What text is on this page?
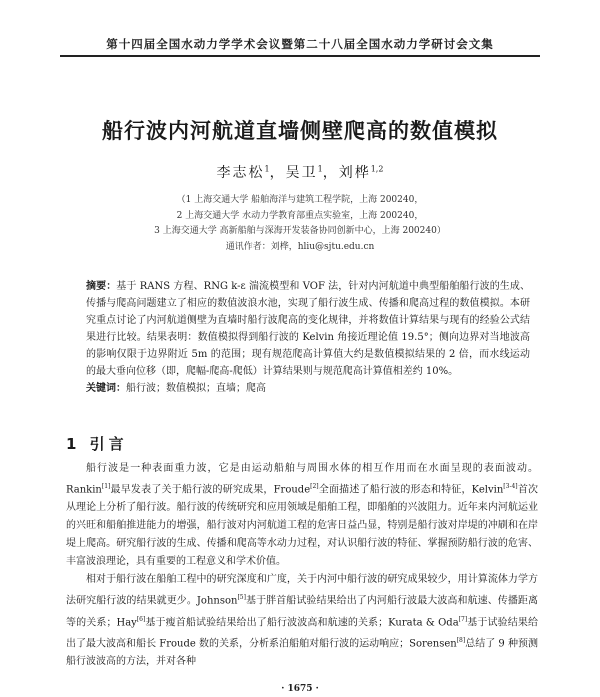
第十四届全国水动力学学术会议暨第二十八届全国水动力学研讨会文集
船行波内河航道直墙侧壁爬高的数值模拟
李志松$^1$，吴卫$^1$，刘桦$^{1,2}$
（1 上海交通大学 船舶海洋与建筑工程学院，上海 200240，
2 上海交通大学 水动力学教育部重点实验室，上海 200240，
3 上海交通大学 高新船舶与深海开发装备协同创新中心，上海 200240）
通讯作者：刘桦，hliu@sjtu.edu.cn

摘要：基于 RANS 方程、RNG k-ε 湍流模型和 VOF 法，针对内河航道中典型船舶船行波的生成、传播与爬高问题建立了相应的数值波浪水池，实现了船行波生成、传播和爬高过程的数值模拟。本研究重点讨论了内河航道侧壁为直墙时船行波爬高的变化规律，并将数值计算结果与现有的经验公式结果进行比较。结果表明：数值模拟得到船行波的 Kelvin 角接近理论值 19.5°；侧向边界对当地波高的影响仅限于边界附近 5m 的范围；现有规范爬高计算值大约是数值模拟结果的 2 倍，而水线运动的最大垂向位移（即，爬幅-爬高-爬低）计算结果则与规范爬高计算值相差约 10%。

关键词：船行波；数值模拟；直墙；爬高

1 引言

船行波是一种表面重力波，它是由运动船舶与周围水体的相互作用而在水面呈现的表面波动。Rankin[1]最早发表了关于船行波的研究成果，Froude[2]全面描述了船行波的形态和特征，Kelvin[3-4]首次从理论上分析了船行波。船行波的传统研究和应用领域是船舶工程，即船舶的兴波阻力。近年来内河航运业的兴旺和船舶推进能力的增强，船行波对内河航道工程的危害日益凸显，特别是船行波对岸堤的冲刷和在岸堤上爬高。研究船行波的生成、传播和爬高等水动力过程，对认识船行波的特征、掌握预防船行波的危害、丰富波浪理论，具有重要的工程意义和学术价值。

相对于船行波在船舶工程中的研究深度和广度，关于内河中船行波的研究成果较少，用计算流体力学方法研究船行波的结果就更少。Johnson[5]基于胖首船试验结果给出了内河船行波最大波高和航速、传播距离等的关系；Hay[6]基于瘦首船试验结果给出了船行波波高和航速的关系；Kurata & Oda[7]基于试验结果给出了最大波高和船长 Froude 数的关系，分析系泊船舶对船行波的运动响应；Sorensen[8]总结了 9 种预测船行波波高的方法，并对各种

· 1675 ·
